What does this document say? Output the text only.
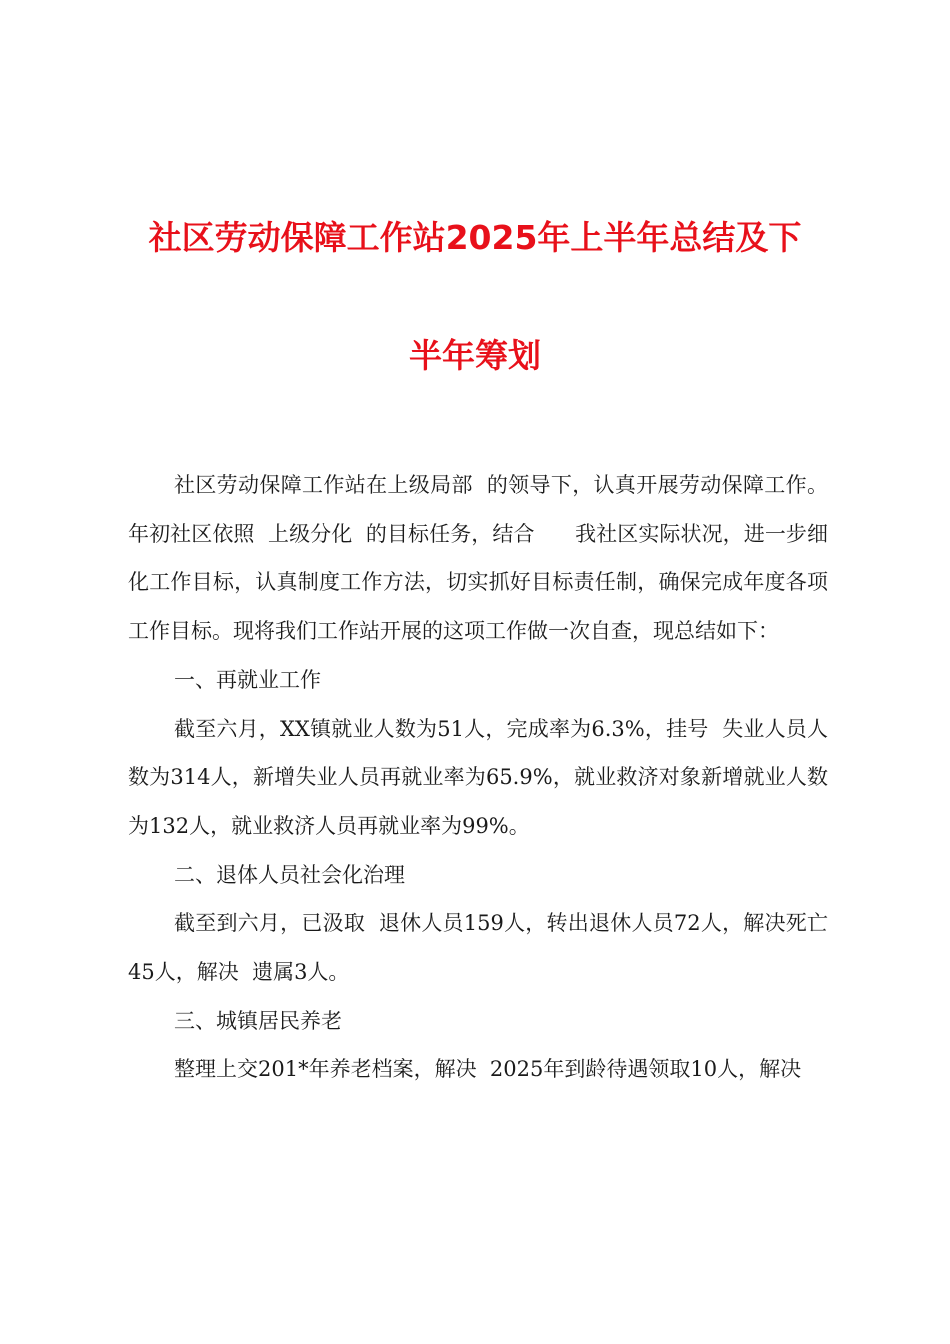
社区劳动保障工作站2025年上半年总结及下
半年筹划

社区劳动保障工作站在上级局部  的领导下，认真开展劳动保障工作。年初社区依照  上级分化  的目标任务，结合      我社区实际状况，进一步细化工作目标，认真制度工作方法，切实抓好目标责任制，确保完成年度各项工作目标。现将我们工作站开展的这项工作做一次自查，现总结如下：

一、再就业工作

截至六月，XX镇就业人数为51人，完成率为6.3%，挂号  失业人员人数为314人，新增失业人员再就业率为65.9%，就业救济对象新增就业人数为132人，就业救济人员再就业率为99%。

二、退体人员社会化治理

截至到六月，已汲取  退休人员159人，转出退休人员72人，解决死亡45人，解决  遗属3人。

三、城镇居民养老

整理上交201*年养老档案，解决  2025年到龄待遇领取10人，解决
